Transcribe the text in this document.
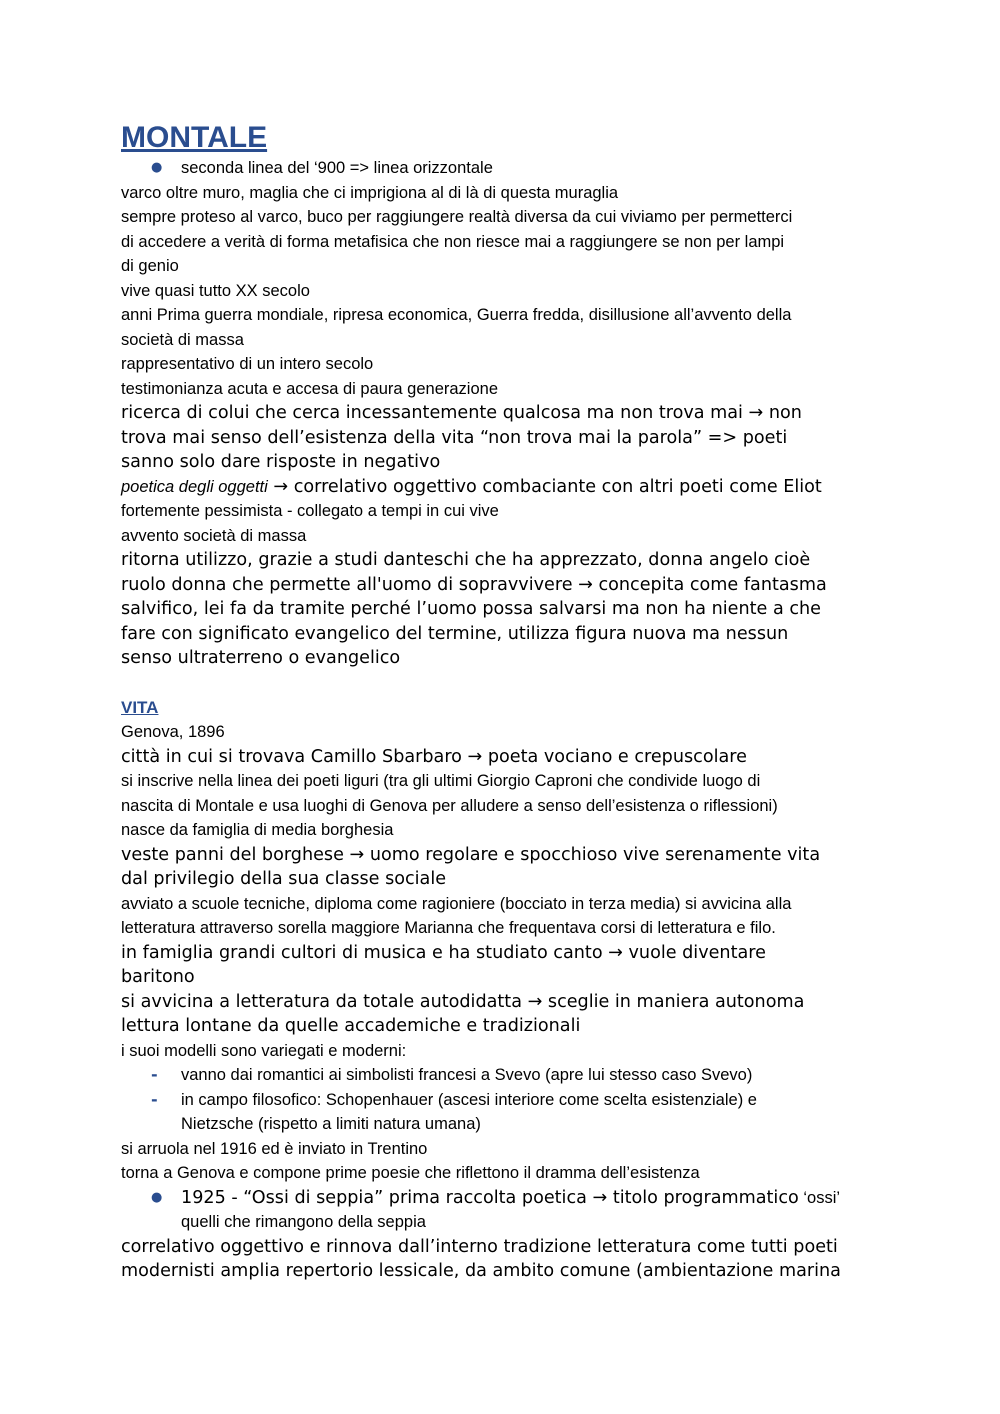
MONTALE
●	seconda linea del ‘900 => linea orizzontale

varco oltre muro, maglia che ci imprigiona al di là di questa muraglia

sempre proteso al varco, buco per raggiungere realtà diversa da cui viviamo per permetterci

di accedere a verità di forma metafisica che non riesce mai a raggiungere se non per lampi

di genio

vive quasi tutto XX secolo

anni Prima guerra mondiale, ripresa economica, Guerra fredda, disillusione all’avvento della

società di massa

rappresentativo di un intero secolo

testimonianza acuta e accesa di paura generazione

ricerca di colui che cerca incessantemente qualcosa ma non trova mai → non

trova mai senso dell’esistenza della vita “non trova mai la parola” => poeti

sanno solo dare risposte in negativo

poetica degli oggetti → correlativo oggettivo combaciante con altri poeti come Eliot

fortemente pessimista - collegato a tempi in cui vive

avvento società di massa

ritorna utilizzo, grazie a studi danteschi che ha apprezzato, donna angelo cioè

ruolo donna che permette all'uomo di sopravvivere → concepita come fantasma

salvifico, lei fa da tramite perché l’uomo possa salvarsi ma non ha niente a che

fare con significato evangelico del termine, utilizza figura nuova ma nessun

senso ultraterreno o evangelico

VITA

Genova, 1896

città in cui si trovava Camillo Sbarbaro → poeta vociano e crepuscolare

si inscrive nella linea dei poeti liguri (tra gli ultimi Giorgio Caproni che condivide luogo di

nascita di Montale e usa luoghi di Genova per alludere a senso dell’esistenza o riflessioni)

nasce da famiglia di media borghesia

veste panni del borghese → uomo regolare e spocchioso vive serenamente vita

dal privilegio della sua classe sociale

avviato a scuole tecniche, diploma come ragioniere (bocciato in terza media) si avvicina alla

letteratura attraverso sorella maggiore Marianna che frequentava corsi di letteratura e filo.

in famiglia grandi cultori di musica e ha studiato canto → vuole diventare

baritono

si avvicina a letteratura da totale autodidatta → sceglie in maniera autonoma

lettura lontane da quelle accademiche e tradizionali

i suoi modelli sono variegati e moderni:

-	vanno dai romantici ai simbolisti francesi a Svevo (apre lui stesso caso Svevo)
-	in campo filosofico: Schopenhauer (ascesi interiore come scelta esistenziale) e
Nietzsche (rispetto a limiti natura umana)

si arruola nel 1916 ed è inviato in Trentino

torna a Genova e compone prime poesie che riflettono il dramma dell’esistenza

●	1925 - “Ossi di seppia” prima raccolta poetica → titolo programmatico ‘ossi’
quelli che rimangono della seppia

correlativo oggettivo e rinnova dall’interno tradizione letteratura come tutti poeti

modernisti amplia repertorio lessicale, da ambito comune (ambientazione marina
